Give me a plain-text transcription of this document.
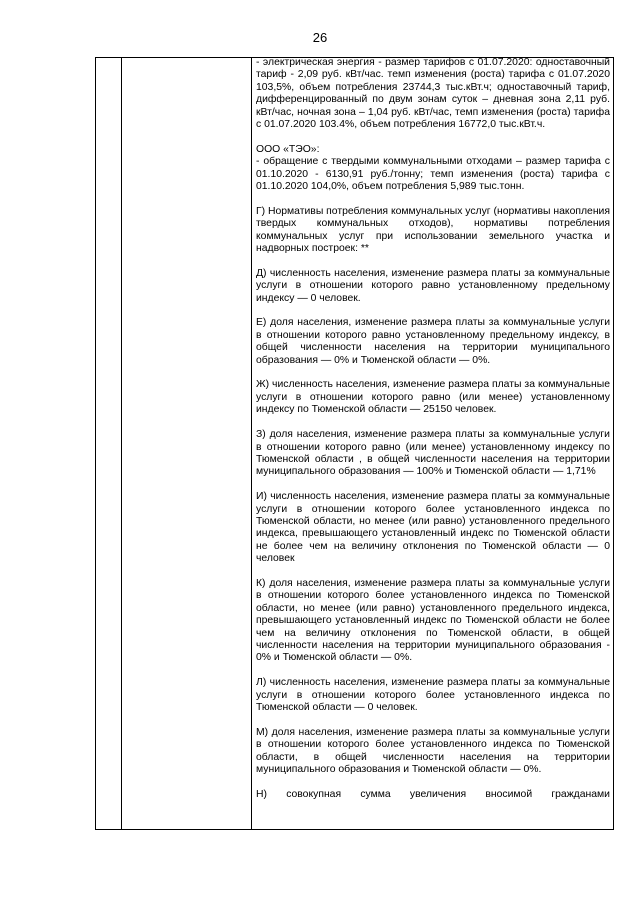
26

- электрическая энергия - размер тарифов с 01.07.2020: одноставочный тариф - 2,09 руб. кВт/час. темп изменения (роста) тарифа с 01.07.2020 103,5%, объем потребления 23744,3 тыс.кВт.ч; одноставочный тариф, дифференцированный по двум зонам суток – дневная зона 2,11 руб. кВт/час, ночная зона – 1,04 руб. кВт/час, темп изменения (роста) тарифа с 01.07.2020 103.4%, объем потребления 16772,0 тыс.кВт.ч.

ООО «ТЭО»:

- обращение с твердыми коммунальными отходами – размер тарифа с 01.10.2020 - 6130,91 руб./тонну; темп изменения (роста) тарифа с 01.10.2020 104,0%, объем потребления 5,989 тыс.тонн.

Г) Нормативы потребления коммунальных услуг (нормативы накопления твердых коммунальных отходов), нормативы потребления коммунальных услуг при использовании земельного участка и надворных построек: **

Д) численность населения, изменение размера платы за коммунальные услуги в отношении которого равно установленному предельному индексу — 0 человек.

Е) доля населения, изменение размера платы за коммунальные услуги в отношении которого равно установленному предельному индексу, в общей численности населения на территории муниципального образования — 0% и Тюменской области — 0%.

Ж) численность населения, изменение размера платы за коммунальные услуги в отношении которого равно (или менее) установленному индексу по Тюменской области — 25150 человек.

З) доля населения, изменение размера платы за коммунальные услуги в отношении которого равно (или менее) установленному индексу по Тюменской области , в общей численности населения на территории муниципального образования — 100% и Тюменской области — 1,71%

И) численность населения, изменение размера платы за коммунальные услуги в отношении которого более установленного индекса по Тюменской области, но менее (или равно) установленного предельного индекса, превышающего установленный индекс по Тюменской области не более чем на величину отклонения по Тюменской области — 0 человек

К) доля населения, изменение размера платы за коммунальные услуги в отношении которого более установленного индекса по Тюменской области, но менее (или равно) установленного предельного индекса, превышающего установленный индекс по Тюменской области не более чем на величину отклонения по Тюменской области, в общей численности населения на территории муниципального образования - 0% и Тюменской области — 0%.

Л) численность населения, изменение размера платы за коммунальные услуги в отношении которого более установленного индекса по Тюменской области — 0 человек.

М) доля населения, изменение размера платы за коммунальные услуги в отношении которого более установленного индекса по Тюменской области, в общей численности населения на территории муниципального образования и Тюменской области — 0%.

Н) совокупная сумма увеличения вносимой гражданами
